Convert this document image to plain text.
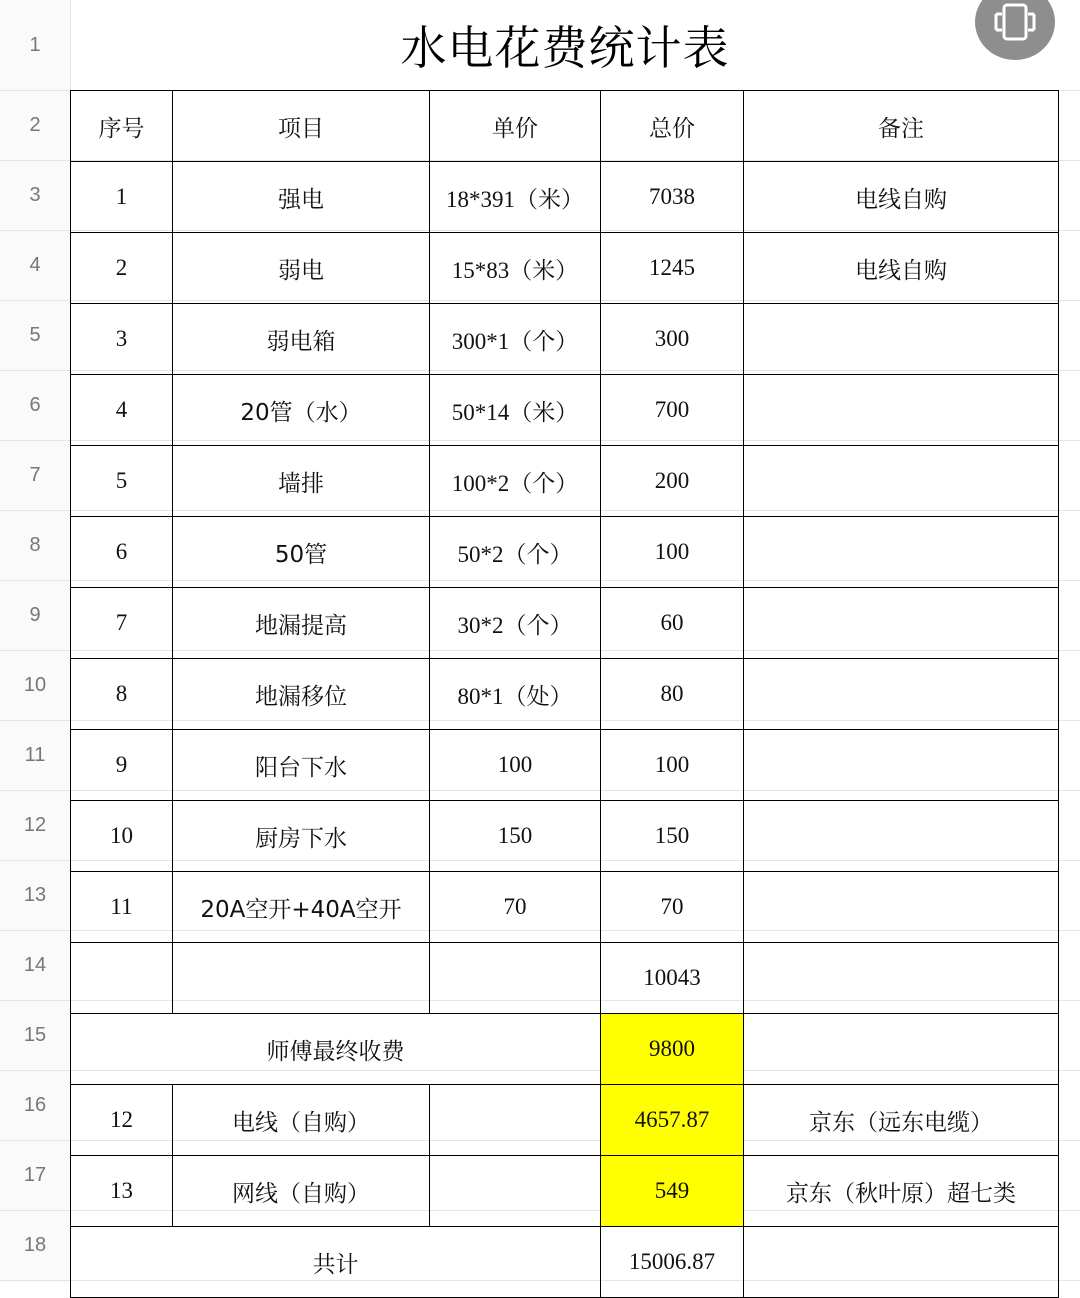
1
2
3
4
5
6
7
8
9
10
11
12
13
14
15
16
17
18
水电花费统计表
序号	项目	单价	总价	备注
1	强电	18*391（米）	7038	电线自购
2	弱电	15*83（米）	1245	电线自购
3	弱电箱	300*1（个）	300	
4	20管（水）	50*14（米）	700	
5	墙排	100*2（个）	200	
6	50管	50*2（个）	100	
7	地漏提高	30*2（个）	60	
8	地漏移位	80*1（处）	80	
9	阳台下水	100	100	
10	厨房下水	150	150	
11	20A空开+40A空开	70	70	
			10043	
师傅最终收费			9800	
12	电线（自购）		4657.87	京东（远东电缆）
13	网线（自购）		549	京东（秋叶原）超七类
共计			15006.87	
